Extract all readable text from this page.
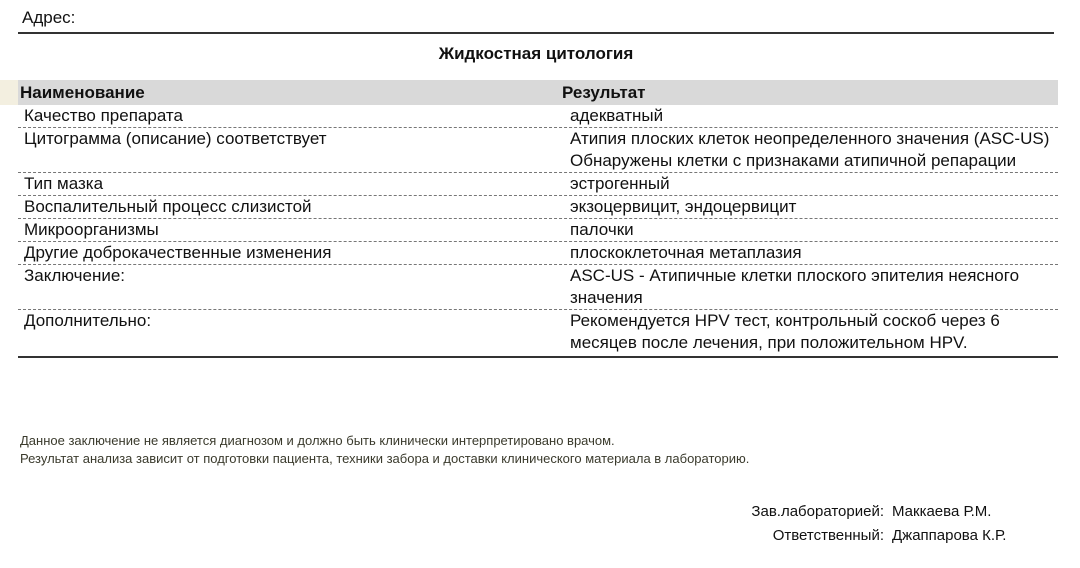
Адрес:
Жидкостная цитология
Наименование	Результат
Качество препарата	адекватный
Цитограмма (описание) соответствует	Атипия плоских клеток неопределенного значения (ASC-US) Обнаружены клетки с признаками атипичной репарации
Тип мазка	эстрогенный
Воспалительный процесс слизистой	экзоцервицит, эндоцервицит
Микроорганизмы	палочки
Другие доброкачественные изменения	плоскоклеточная метаплазия
Заключение:	ASC-US - Атипичные клетки плоского эпителия неясного значения
Дополнительно:	Рекомендуется HPV тест, контрольный соскоб через 6 месяцев после лечения, при положительном HPV.
Данное заключение не является диагнозом и должно быть клинически интерпретировано врачом.
Результат анализа зависит от подготовки пациента, техники забора и доставки клинического материала в лабораторию.
Зав.лабораторией: Маккаева Р.М.
Ответственный: Джаппарова К.Р.
